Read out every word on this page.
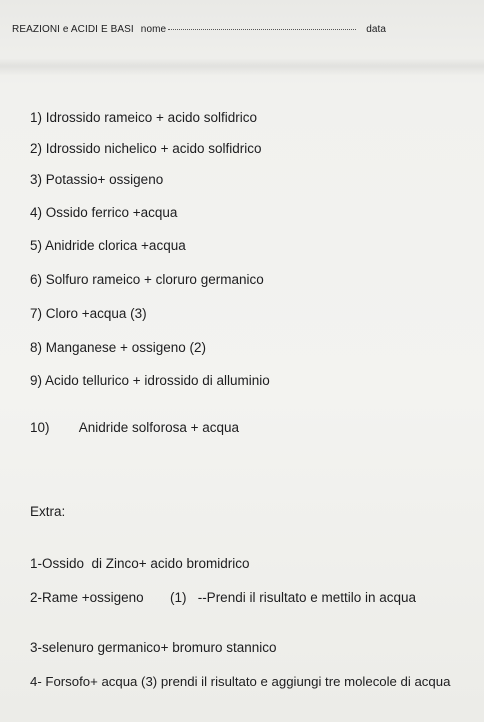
REAZIONI e ACIDI E BASI nome	data
1) Idrossido rameico + acido solfidrico
2) Idrossido nichelico + acido solfidrico
3) Potassio+ ossigeno
4) Ossido ferrico +acqua
5) Anidride clorica +acqua
6) Solfuro rameico + cloruro germanico
7) Cloro +acqua (3)
8) Manganese + ossigeno (2)
9) Acido tellurico + idrossido di alluminio
10)        Anidride solforosa + acqua
Extra:
1-Ossido  di Zinco+ acido bromidrico
2-Rame +ossigeno       (1)   --Prendi il risultato e mettilo in acqua
3-selenuro germanico+ bromuro stannico
4- Forsofo+ acqua (3) prendi il risultato e aggiungi tre molecole di acqua
